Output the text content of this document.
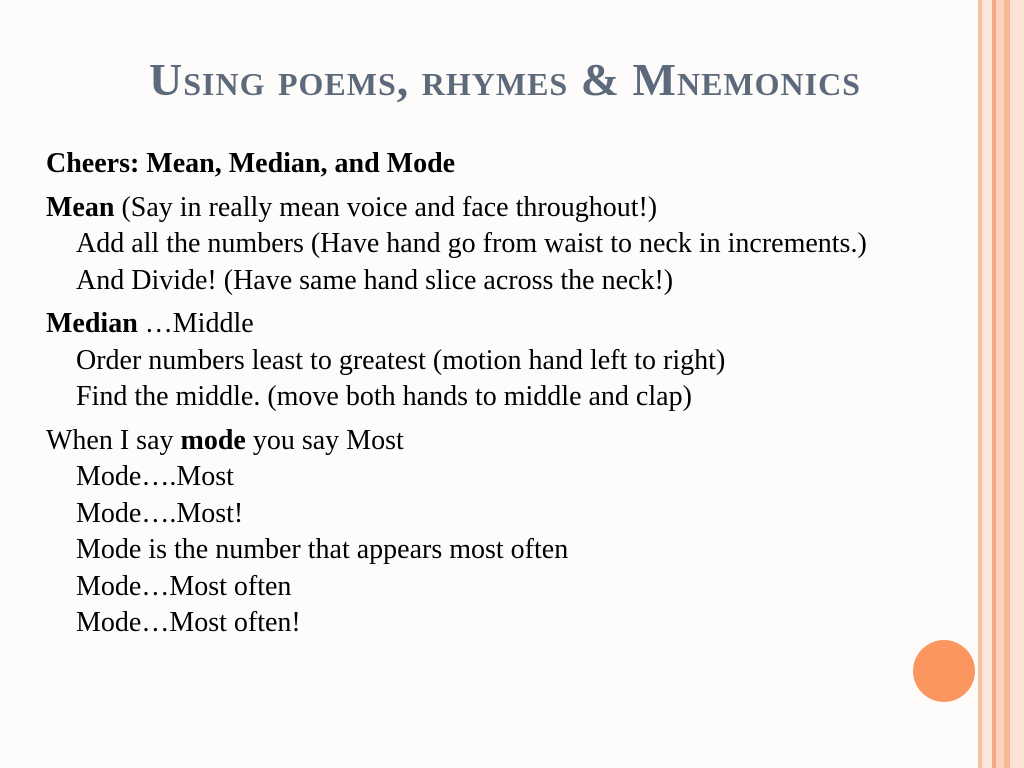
Using poems, rhymes & Mnemonics
Cheers: Mean, Median, and Mode
Mean (Say in really mean voice and face throughout!)
Add all the numbers (Have hand go from waist to neck in increments.)
And Divide! (Have same hand slice across the neck!)
Median …Middle
Order numbers least to greatest (motion hand left to right)
Find the middle. (move both hands to middle and clap)
When I say mode you say Most
Mode….Most
Mode….Most!
Mode is the number that appears most often
Mode…Most often
Mode…Most often!
